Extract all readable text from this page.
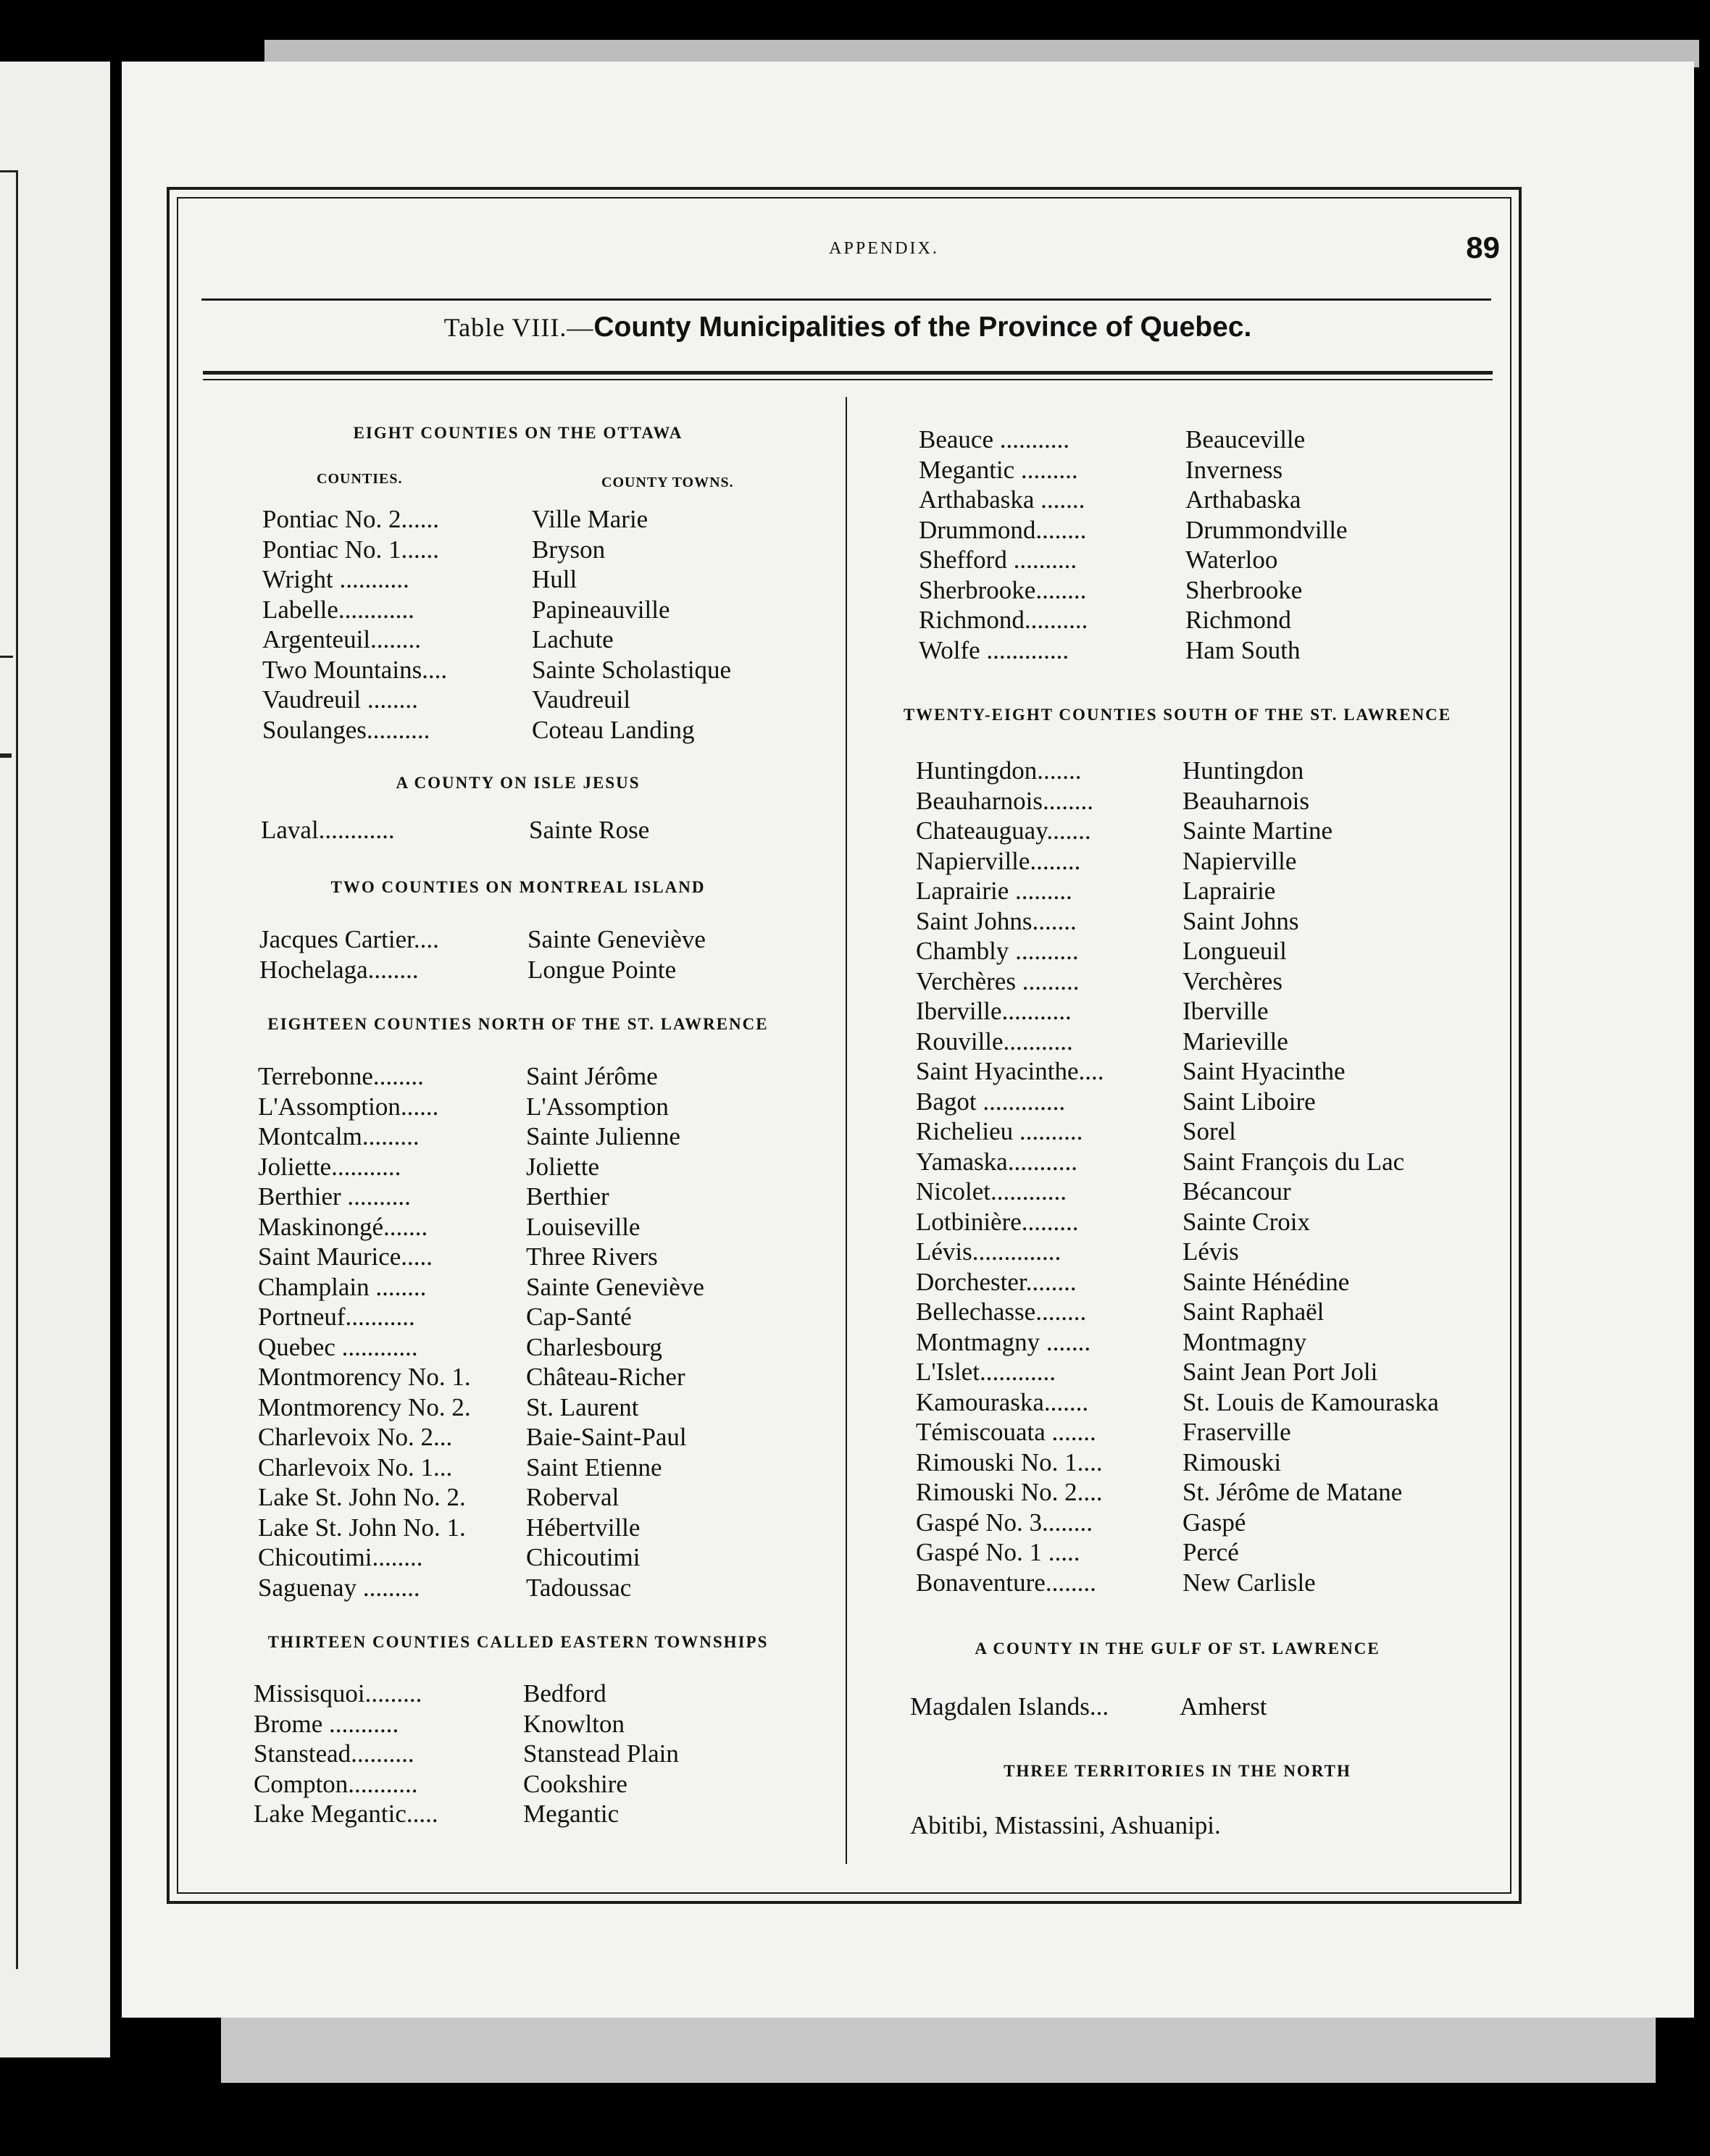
APPENDIX.	89
Table VIII.—County Municipalities of the Province of Quebec.
EIGHT COUNTIES ON THE OTTAWA
COUNTIES.	COUNTY TOWNS.
Pontiac No. 2......	Ville Marie
Pontiac No. 1......	Bryson
Wright ...........	Hull
Labelle............	Papineauville
Argenteuil........	Lachute
Two Mountains....	Sainte Scholastique
Vaudreuil ........	Vaudreuil
Soulanges..........	Coteau Landing
A COUNTY ON ISLE JESUS
Laval............	Sainte Rose
TWO COUNTIES ON MONTREAL ISLAND
Jacques Cartier....	Sainte Geneviève
Hochelaga........	Longue Pointe
EIGHTEEN COUNTIES NORTH OF THE ST. LAWRENCE
Terrebonne........	Saint Jérôme
L'Assomption......	L'Assomption
Montcalm.........	Sainte Julienne
Joliette...........	Joliette
Berthier ..........	Berthier
Maskinongé.......	Louiseville
Saint Maurice.....	Three Rivers
Champlain ........	Sainte Geneviève
Portneuf...........	Cap-Santé
Quebec ............	Charlesbourg
Montmorency No. 1. Château-Richer
Montmorency No. 2. St. Laurent
Charlevoix No. 2...	Baie-Saint-Paul
Charlevoix No. 1...	Saint Etienne
Lake St. John No. 2. Roberval
Lake St. John No. 1. Hébertville
Chicoutimi........	Chicoutimi
Saguenay .........	Tadoussac
THIRTEEN COUNTIES CALLED EASTERN TOWNSHIPS
Missisquoi.........	Bedford
Brome ...........	Knowlton
Stanstead..........	Stanstead Plain
Compton...........	Cookshire
Lake Megantic.....	Megantic
Beauce ...........	Beauceville
Megantic .........	Inverness
Arthabaska .......	Arthabaska
Drummond........	Drummondville
Shefford ..........	Waterloo
Sherbrooke........	Sherbrooke
Richmond..........	Richmond
Wolfe .............	Ham South
TWENTY-EIGHT COUNTIES SOUTH OF THE ST. LAWRENCE
Huntingdon.......	Huntingdon
Beauharnois........	Beauharnois
Chateauguay.......	Sainte Martine
Napierville........	Napierville
Laprairie .........	Laprairie
Saint Johns.......	Saint Johns
Chambly ..........	Longueuil
Verchères .........	Verchères
Iberville...........	Iberville
Rouville...........	Marieville
Saint Hyacinthe....	Saint Hyacinthe
Bagot .............	Saint Liboire
Richelieu ..........	Sorel
Yamaska...........	Saint François du Lac
Nicolet............	Bécancour
Lotbinière.........	Sainte Croix
Lévis..............	Lévis
Dorchester........	Sainte Hénédine
Bellechasse........	Saint Raphaël
Montmagny .......	Montmagny
L'Islet............	Saint Jean Port Joli
Kamouraska.......	St. Louis de Kamouraska
Témiscouata .......	Fraserville
Rimouski No. 1....	Rimouski
Rimouski No. 2....	St. Jérôme de Matane
Gaspé No. 3........	Gaspé
Gaspé No. 1 .....	Percé
Bonaventure........	New Carlisle
A COUNTY IN THE GULF OF ST. LAWRENCE
Magdalen Islands...	Amherst
THREE TERRITORIES IN THE NORTH
Abitibi, Mistassini, Ashuanipi.
